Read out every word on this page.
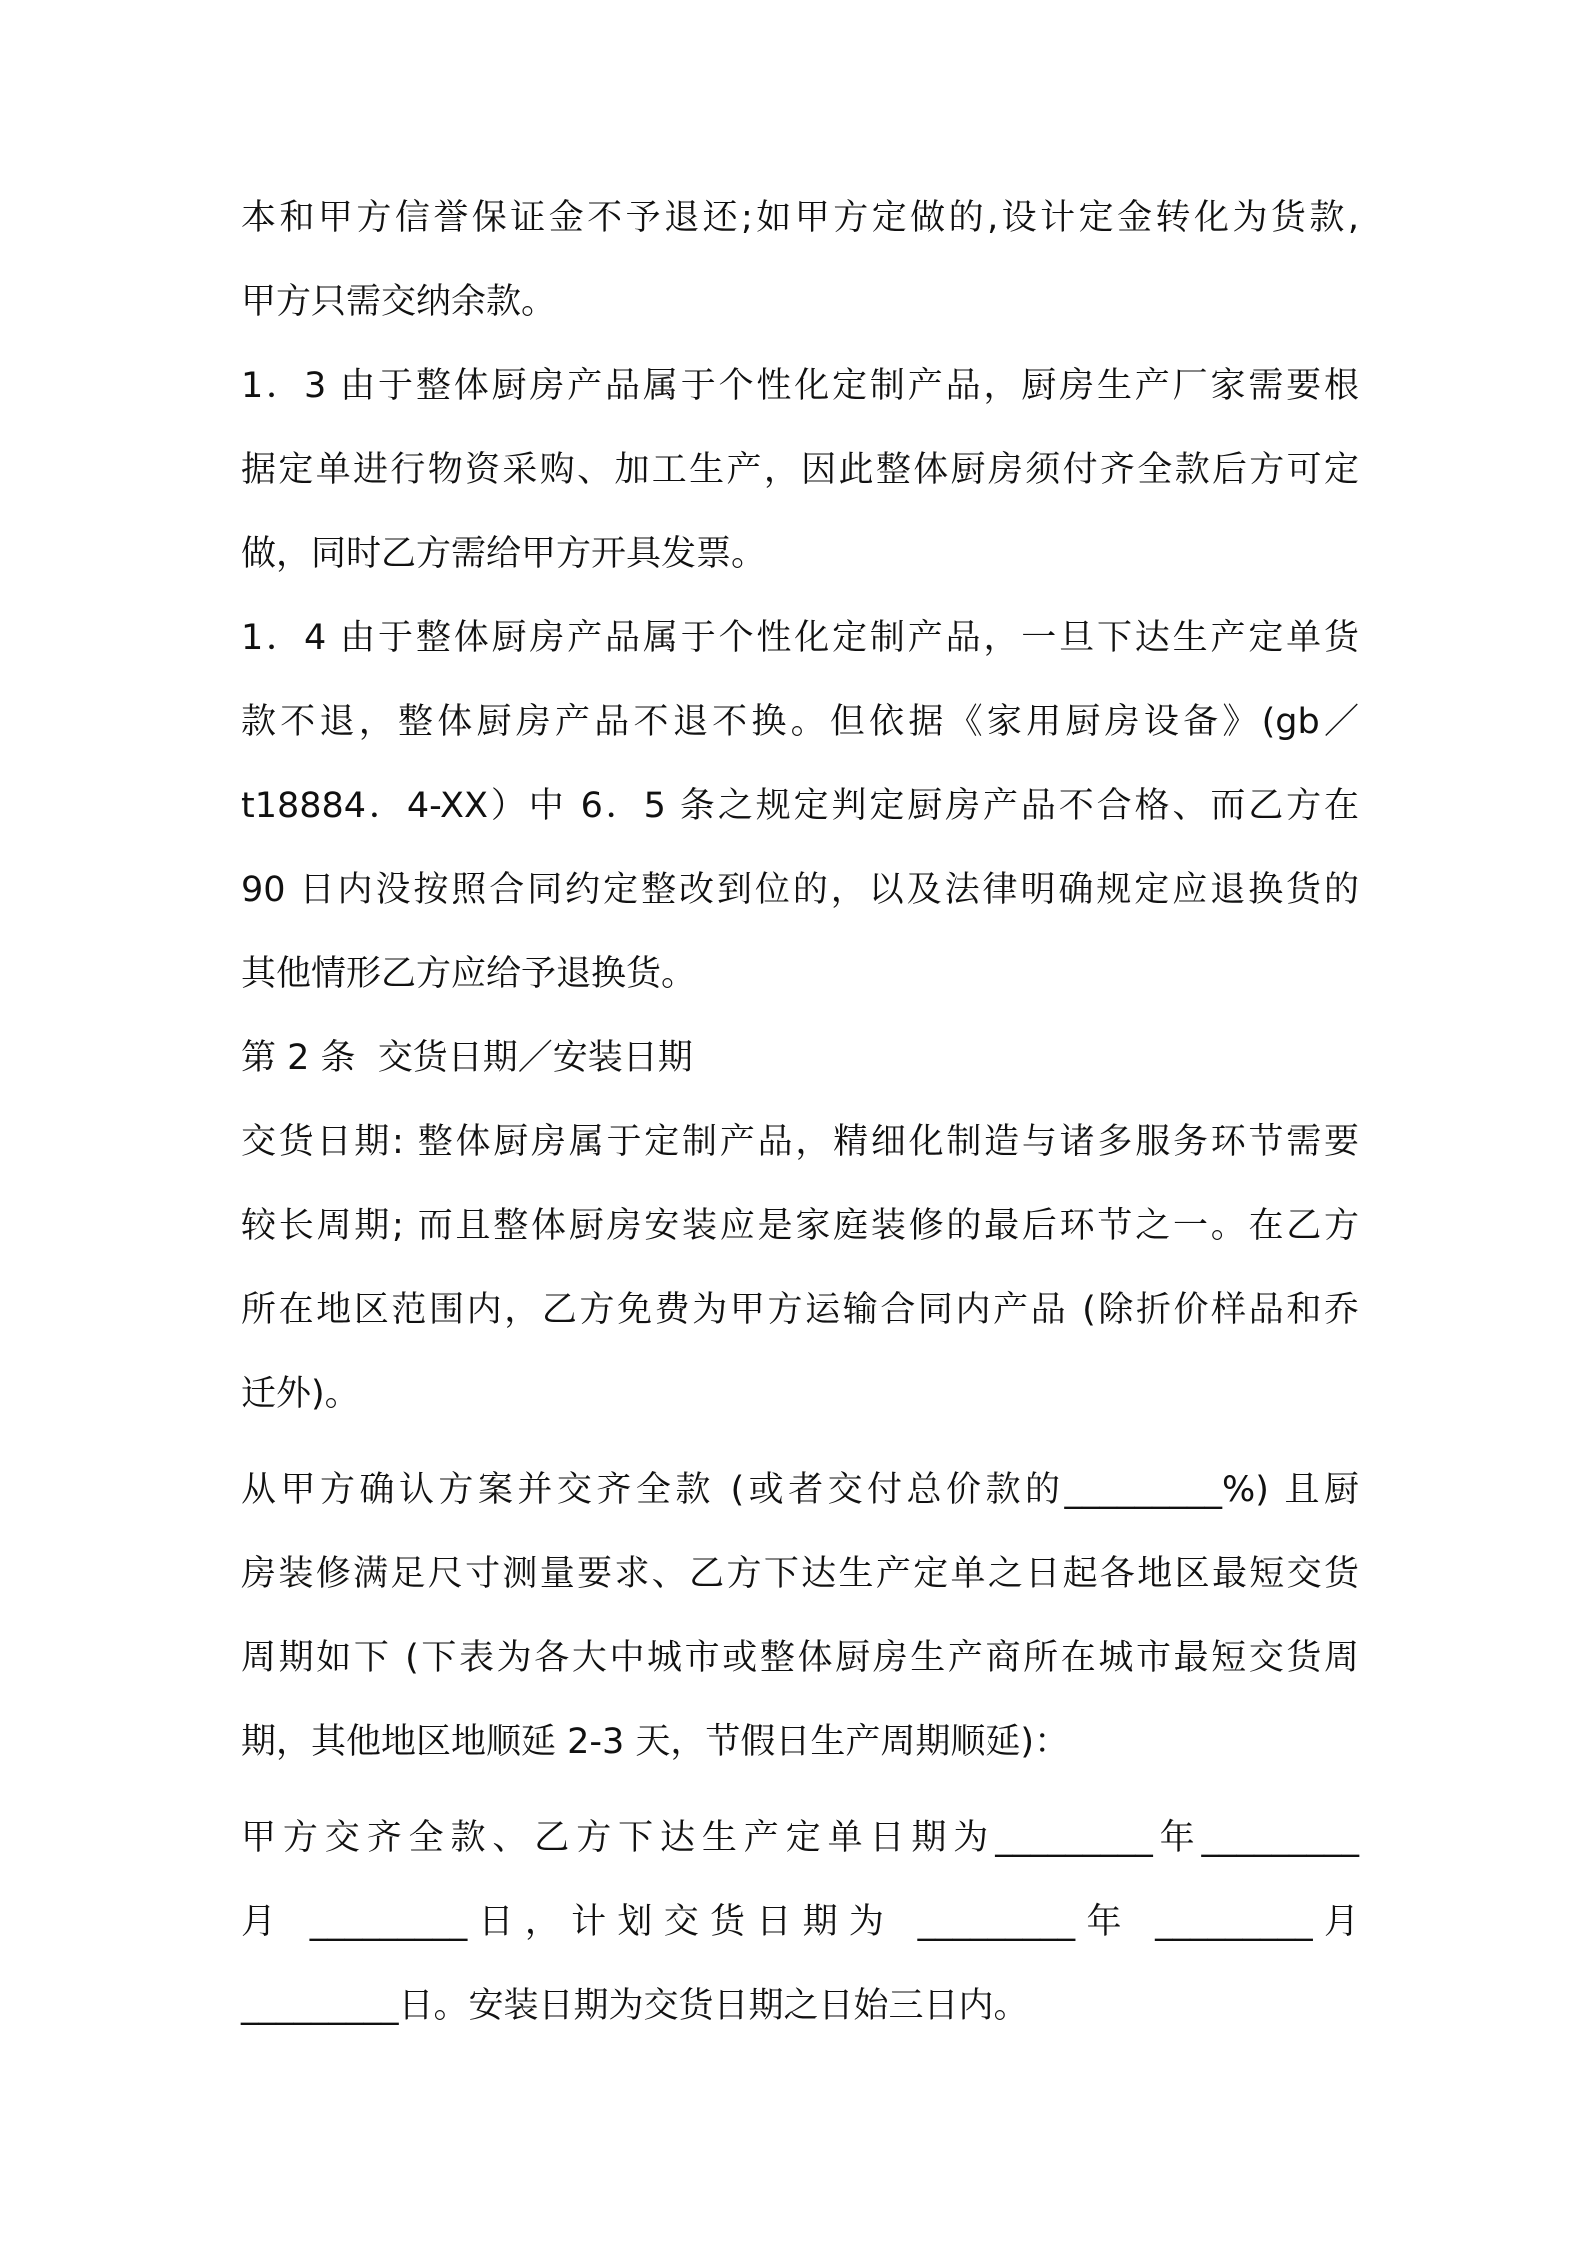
本和甲方信誉保证金不予退还;如甲方定做的,设计定金转化为货款,
甲方只需交纳余款。
1．3 由于整体厨房产品属于个性化定制产品，厨房生产厂家需要根
据定单进行物资采购、加工生产，因此整体厨房须付齐全款后方可定
做，同时乙方需给甲方开具发票。
1．4 由于整体厨房产品属于个性化定制产品，一旦下达生产定单货
款不退，整体厨房产品不退不换。但依据《家用厨房设备》(gb／
t18884．4-XX）中 6．5 条之规定判定厨房产品不合格、而乙方在
90 日内没按照合同约定整改到位的，以及法律明确规定应退换货的
其他情形乙方应给予退换货。
第 2 条  交货日期／安装日期
交货日期: 整体厨房属于定制产品，精细化制造与诸多服务环节需要
较长周期; 而且整体厨房安装应是家庭装修的最后环节之一。在乙方
所在地区范围内，乙方免费为甲方运输合同内产品 (除折价样品和乔
迁外)。
从甲方确认方案并交齐全款 (或者交付总价款的_________%) 且厨
房装修满足尺寸测量要求、乙方下达生产定单之日起各地区最短交货
周期如下 (下表为各大中城市或整体厨房生产商所在城市最短交货周
期，其他地区地顺延 2-3 天，节假日生产周期顺延)：
甲方交齐全款、乙方下达生产定单日期为_________年_________
月 _________日，计划交货日期为 _________年 _________月
_________日。安装日期为交货日期之日始三日内。
